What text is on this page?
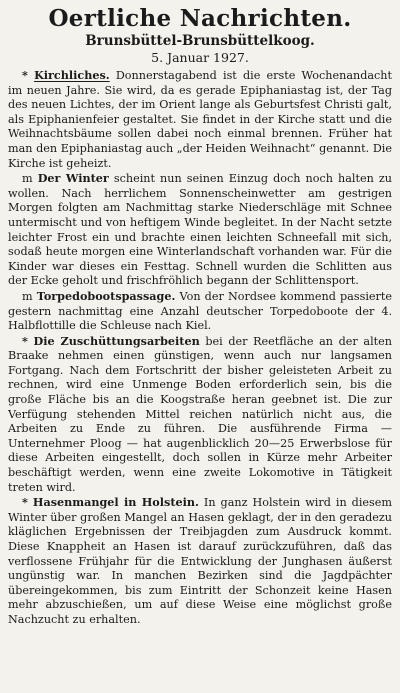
Oertliche Nachrichten.
Brunsbüttel-Brunsbüttelkoog.
5. Januar 1927.

* Kirchliches. Donnerstagabend ist die erste Wochenandacht im neuen Jahre. Sie wird, da es gerade Epiphaniastag ist, der Tag des neuen Lichtes, der im Orient lange als Geburtsfest Christi galt, als Epiphanienfeier gestaltet. Sie findet in der Kirche statt und die Weihnachtsbäume sollen dabei noch einmal brennen. Früher hat man den Epiphaniastag auch „der Heiden Weihnacht“ genannt. Die Kirche ist geheizt.

m Der Winter scheint nun seinen Einzug doch noch halten zu wollen. Nach herrlichem Sonnenscheinwetter am gestrigen Morgen folgten am Nachmittag starke Niederschläge mit Schnee untermischt und von heftigem Winde begleitet. In der Nacht setzte leichter Frost ein und brachte einen leichten Schneefall mit sich, sodaß heute morgen eine Winterlandschaft vorhanden war. Für die Kinder war dieses ein Festtag. Schnell wurden die Schlitten aus der Ecke geholt und frischfröhlich begann der Schlittensport.

m Torpedobootspassage. Von der Nordsee kommend passierte gestern nachmittag eine Anzahl deutscher Torpedoboote der 4. Halbflottille die Schleuse nach Kiel.

* Die Zuschüttungsarbeiten bei der Reetfläche an der alten Braake nehmen einen günstigen, wenn auch nur langsamen Fortgang. Nach dem Fortschritt der bisher geleisteten Arbeit zu rechnen, wird eine Unmenge Boden erforderlich sein, bis die große Fläche bis an die Koogstraße heran geebnet ist. Die zur Verfügung stehenden Mittel reichen natürlich nicht aus, die Arbeiten zu Ende zu führen. Die ausführende Firma — Unternehmer Ploog — hat augenblicklich 20—25 Erwerbslose für diese Arbeiten eingestellt, doch sollen in Kürze mehr Arbeiter beschäftigt werden, wenn eine zweite Lokomotive in Tätigkeit treten wird.

* Hasenmangel in Holstein. In ganz Holstein wird in diesem Winter über großen Mangel an Hasen geklagt, der in den geradezu kläglichen Ergebnissen der Treibjagden zum Ausdruck kommt. Diese Knappheit an Hasen ist darauf zurückzuführen, daß das verflossene Frühjahr für die Entwicklung der Junghasen äußerst ungünstig war. In manchen Bezirken sind die Jagdpächter übereingekommen, bis zum Eintritt der Schonzeit keine Hasen mehr abzuschießen, um auf diese Weise eine möglichst große Nachzucht zu erhalten.
